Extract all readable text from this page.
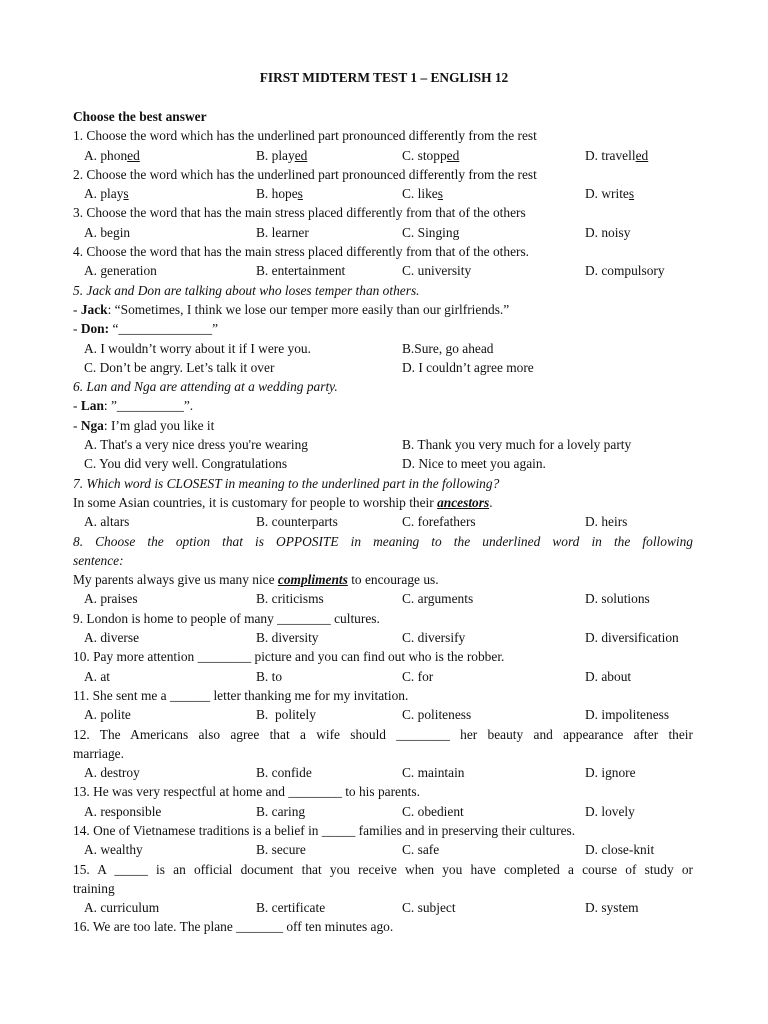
FIRST MIDTERM TEST 1 – ENGLISH 12
Choose the best answer
1. Choose the word which has the underlined part pronounced differently from the rest
A. phoned	B. played	C. stopped	D. travelled
2. Choose the word which has the underlined part pronounced differently from the rest
A. plays	B. hopes	C. likes	D. writes
3. Choose the word that has the main stress placed differently from that of the others
A. begin	B. learner	C. Singing	D. noisy
4. Choose the word that has the main stress placed differently from that of the others.
A. generation	B. entertainment	C. university	D. compulsory
5. Jack and Don are talking about who loses temper than others.
- Jack: “Sometimes, I think we lose our temper more easily than our girlfriends.”
- Don: “______________”
A. I wouldn’t worry about it if I were you.	B.Sure, go ahead
C. Don’t be angry. Let’s talk it over	D. I couldn’t agree more
6. Lan and Nga are attending at a wedding party.
- Lan: ”__________”.
- Nga: I’m glad you like it
A. That's a very nice dress you're wearing	B. Thank you very much for a lovely party
C. You did very well. Congratulations	D. Nice to meet you again.
7. Which word is CLOSEST in meaning to the underlined part in the following?
In some Asian countries, it is customary for people to worship their ancestors.
A. altars	B. counterparts	C. forefathers	D. heirs
8. Choose the option that is OPPOSITE in meaning to the underlined word in the following
sentence:
My parents always give us many nice compliments to encourage us.
A. praises	B. criticisms	C. arguments	D. solutions
9. London is home to people of many ________ cultures.
A. diverse	B. diversity	C. diversify	D. diversification
10. Pay more attention ________ picture and you can find out who is the robber.
A. at	B. to	C. for	D. about
11. She sent me a ______ letter thanking me for my invitation.
A. polite	B.  politely	C. politeness	D. impoliteness
12. The Americans also agree that a wife should ________ her beauty and appearance after their
marriage.
A. destroy	B. confide	C. maintain	D. ignore
13. He was very respectful at home and ________ to his parents.
A. responsible	B. caring	C. obedient	D. lovely
14. One of Vietnamese traditions is a belief in _____ families and in preserving their cultures.
A. wealthy	B. secure	C. safe	D. close-knit
15. A _____ is an official document that you receive when you have completed a course of study or
training
A. curriculum	B. certificate	C. subject	D. system
16. We are too late. The plane _______ off ten minutes ago.
